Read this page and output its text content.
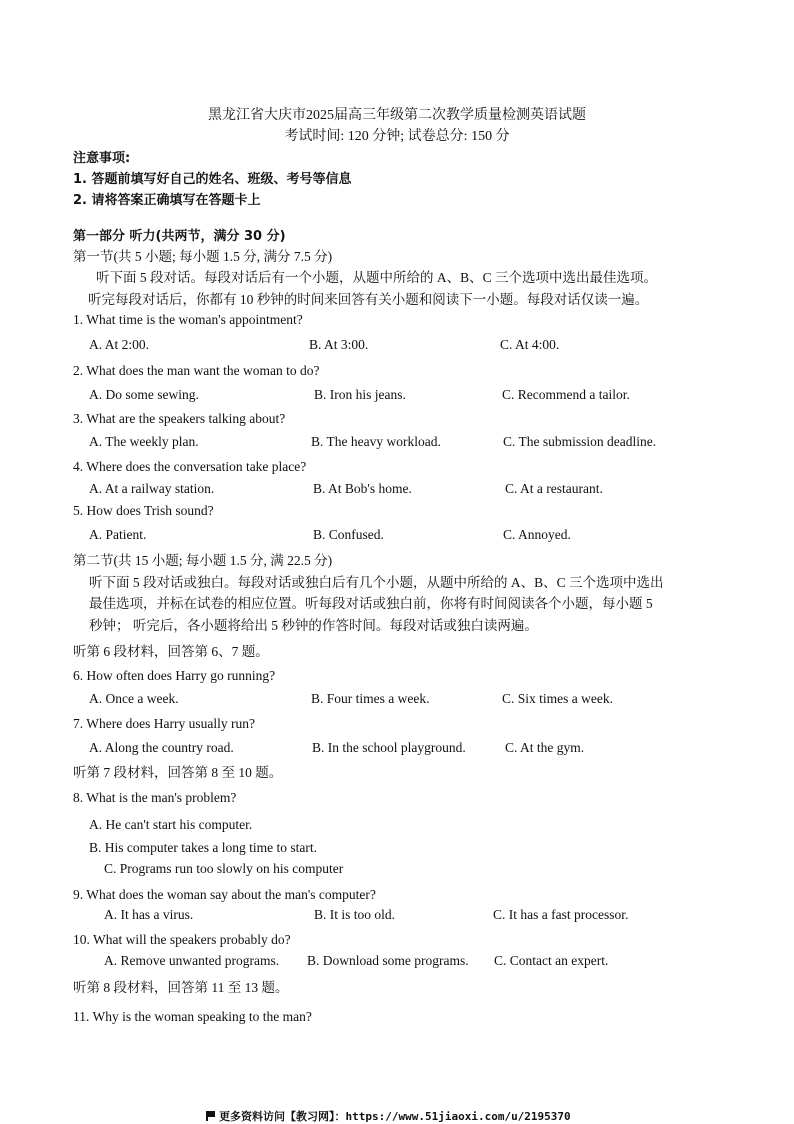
黑龙江省大庆市2025届高三年级第二次教学质量检测英语试题
考试时间: 120 分钟; 试卷总分: 150 分
注意事项:
1. 答题前填写好自己的姓名、班级、考号等信息
2. 请将答案正确填写在答题卡上
第一部分 听力(共两节，满分 30 分)
第一节(共 5 小题; 每小题 1.5 分, 满分 7.5 分)
听下面 5 段对话。每段对话后有一个小题，从题中所给的 A、B、C 三个选项中选出最佳选项。
听完每段对话后，你都有 10 秒钟的时间来回答有关小题和阅读下一小题。每段对话仅读一遍。
1. What time is the woman's appointment?
A. At 2:00.	B. At 3:00.	C. At 4:00.
2. What does the man want the woman to do?
A. Do some sewing.	B. Iron his jeans.	C. Recommend a tailor.
3. What are the speakers talking about?
A. The weekly plan.	B. The heavy workload.	C. The submission deadline.
4. Where does the conversation take place?
A. At a railway station.	B. At Bob's home.	C. At a restaurant.
5. How does Trish sound?
A. Patient.	B. Confused.	C. Annoyed.
第二节(共 15 小题; 每小题 1.5 分, 满 22.5 分)
听下面 5 段对话或独白。每段对话或独白后有几个小题，从题中所给的 A、B、C 三个选项中选出
最佳选项，并标在试卷的相应位置。听每段对话或独白前，你将有时间阅读各个小题，每小题 5
秒钟； 听完后，各小题将给出 5 秒钟的作答时间。每段对话或独白读两遍。
听第 6 段材料，回答第 6、7 题。
6. How often does Harry go running?
A. Once a week.	B. Four times a week.	C. Six times a week.
7. Where does Harry usually run?
A. Along the country road.	B. In the school playground.	C. At the gym.
听第 7 段材料，回答第 8 至 10 题。
8. What is the man's problem?
A. He can't start his computer.
B. His computer takes a long time to start.
C. Programs run too slowly on his computer
9. What does the woman say about the man's computer?
A. It has a virus.	B. It is too old.	C. It has a fast processor.
10. What will the speakers probably do?
A. Remove unwanted programs. B. Download some programs. C. Contact an expert.
听第 8 段材料，回答第 11 至 13 题。
11. Why is the woman speaking to the man?
更多资料访问【教习网】：https://www.51jiaoxi.com/u/2195370
